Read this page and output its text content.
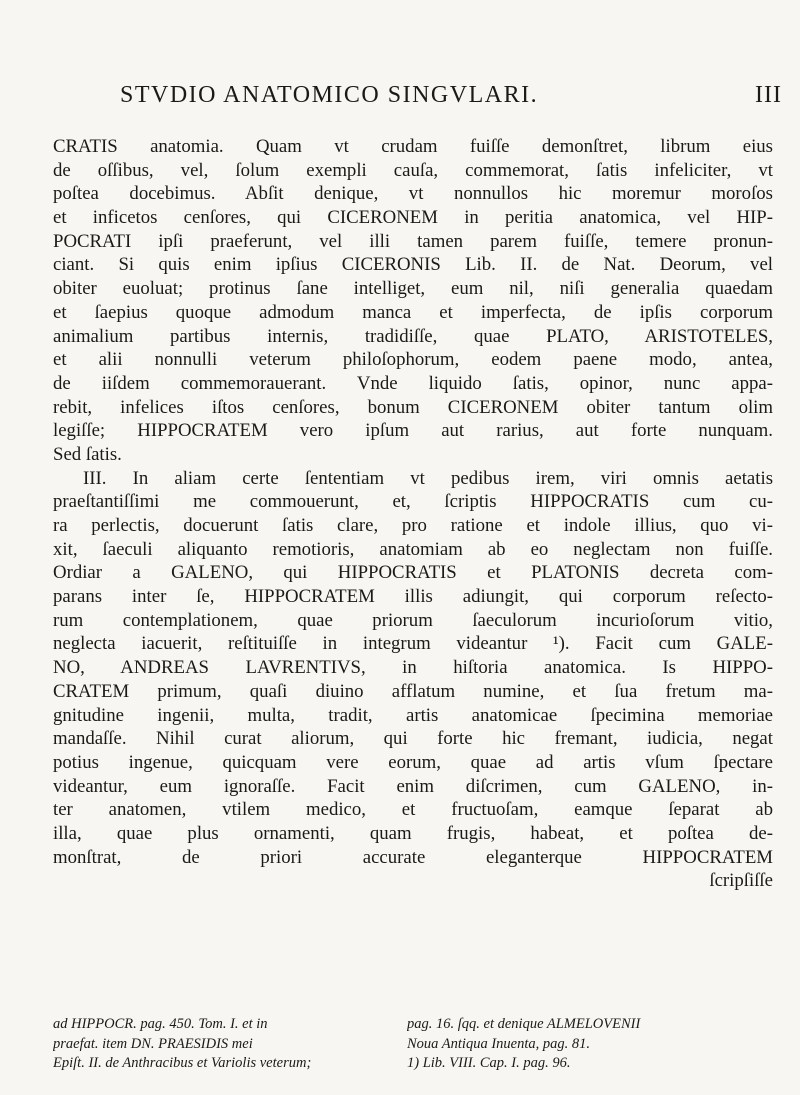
STVDIO ANATOMICO SINGVLARI.	III
CRATIS anatomia. Quam vt crudam fuiſſe demonſtret, librum eius
de oſſibus, vel, ſolum exempli cauſa, commemorat, ſatis infeliciter, vt
poſtea docebimus. Abſit denique, vt nonnullos hic moremur moroſos
et inficetos cenſores, qui CICERONEM in peritia anatomica, vel HIP-
POCRATI ipſi praeferunt, vel illi tamen parem fuiſſe, temere pronun-
ciant. Si quis enim ipſius CICERONIS Lib. II. de Nat. Deorum, vel
obiter euoluat; protinus ſane intelliget, eum nil, niſi generalia quaedam
et ſaepius quoque admodum manca et imperfecta, de ipſis corporum
animalium partibus internis, tradidiſſe, quae PLATO, ARISTOTELES,
et alii nonnulli veterum philoſophorum, eodem paene modo, antea,
de iiſdem commemorauerant. Vnde liquido ſatis, opinor, nunc appa-
rebit, infelices iſtos cenſores, bonum CICERONEM obiter tantum olim
legiſſe; HIPPOCRATEM vero ipſum aut rarius, aut forte nunquam.
Sed ſatis.
III. In aliam certe ſententiam vt pedibus irem, viri omnis aetatis
praeſtantiſſimi me commouerunt, et, ſcriptis HIPPOCRATIS cum cu-
ra perlectis, docuerunt ſatis clare, pro ratione et indole illius, quo vi-
xit, ſaeculi aliquanto remotioris, anatomiam ab eo neglectam non fuiſſe.
Ordiar a GALENO, qui HIPPOCRATIS et PLATONIS decreta com-
parans inter ſe, HIPPOCRATEM illis adiungit, qui corporum reſecto-
rum contemplationem, quae priorum ſaeculorum incurioſorum vitio,
neglecta iacuerit, reſtituiſſe in integrum videantur ¹). Facit cum GALE-
NO, ANDREAS LAVRENTIVS, in hiſtoria anatomica. Is HIPPO-
CRATEM primum, quaſi diuino afflatum numine, et ſua fretum ma-
gnitudine ingenii, multa, tradit, artis anatomicae ſpecimina memoriae
mandaſſe. Nihil curat aliorum, qui forte hic fremant, iudicia, negat
potius ingenue, quicquam vere eorum, quae ad artis vſum ſpectare
videantur, eum ignoraſſe. Facit enim diſcrimen, cum GALENO, in-
ter anatomen, vtilem medico, et fructuoſam, eamque ſeparat ab
illa, quae plus ornamenti, quam frugis, habeat, et poſtea de-
monſtrat, de priori accurate eleganterque HIPPOCRATEM
ſcripſiſſe
ad HIPPOCR. pag. 450. Tom. I. et in
praefat. item DN. PRAESIDIS mei
Epiſt. II. de Anthracibus et Variolis veterum;

pag. 16. ſqq. et denique ALMELOVENII
Noua Antiqua Inuenta, pag. 81.
1) Lib. VIII. Cap. I. pag. 96.
